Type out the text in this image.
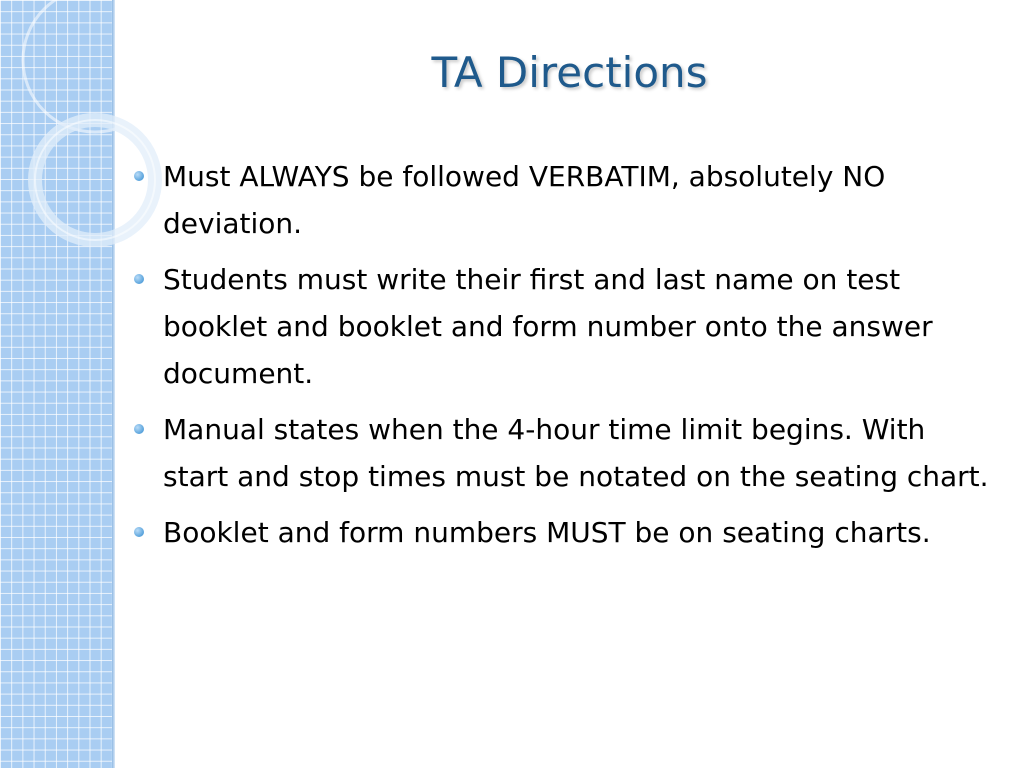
TA Directions
Must ALWAYS be followed VERBATIM, absolutely NO deviation.
Students must write their first and last name on test booklet and booklet and form number onto the answer document.
Manual states when the 4-hour time limit begins. With start and stop times must be notated on the seating chart.
Booklet and form numbers MUST be on seating charts.
